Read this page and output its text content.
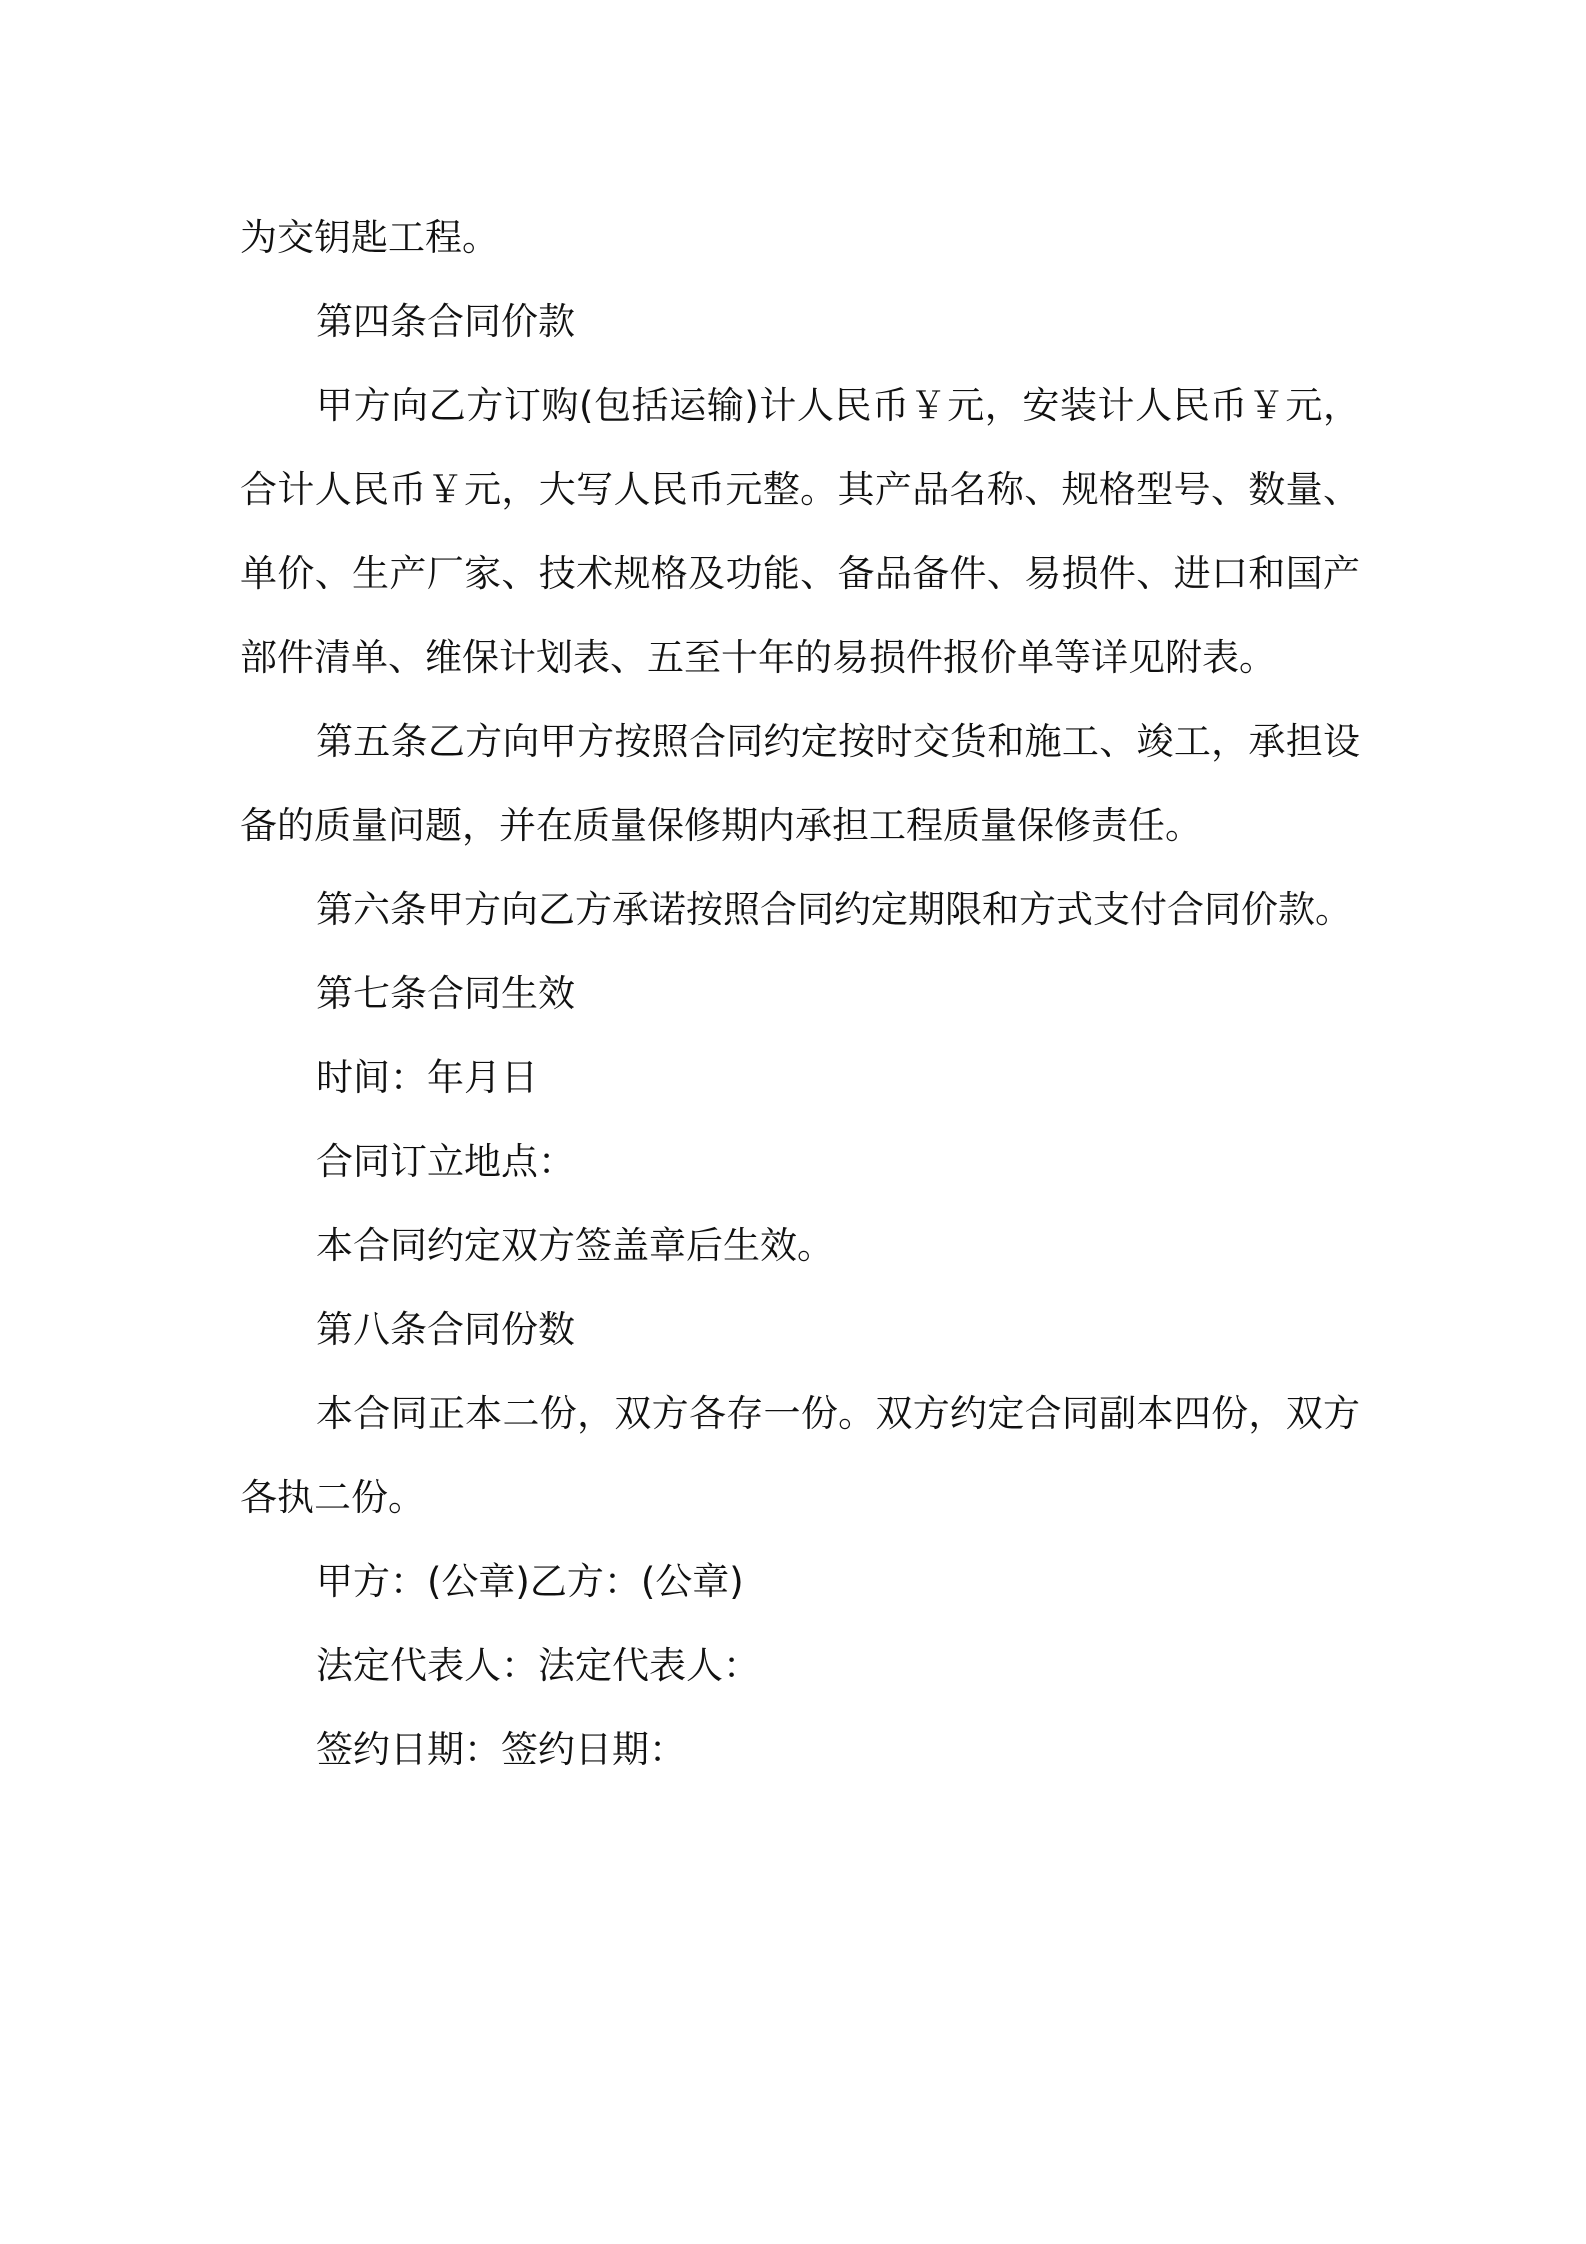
为交钥匙工程。

第四条合同价款

甲方向乙方订购(包括运输)计人民币￥元，安装计人民币￥元，合计人民币￥元，大写人民币元整。其产品名称、规格型号、数量、单价、生产厂家、技术规格及功能、备品备件、易损件、进口和国产部件清单、维保计划表、五至十年的易损件报价单等详见附表。

第五条乙方向甲方按照合同约定按时交货和施工、竣工，承担设备的质量问题，并在质量保修期内承担工程质量保修责任。

第六条甲方向乙方承诺按照合同约定期限和方式支付合同价款。

第七条合同生效

时间：年月日

合同订立地点：

本合同约定双方签盖章后生效。

第八条合同份数

本合同正本二份，双方各存一份。双方约定合同副本四份，双方各执二份。

甲方：(公章)乙方：(公章)

法定代表人：法定代表人：

签约日期：签约日期：
